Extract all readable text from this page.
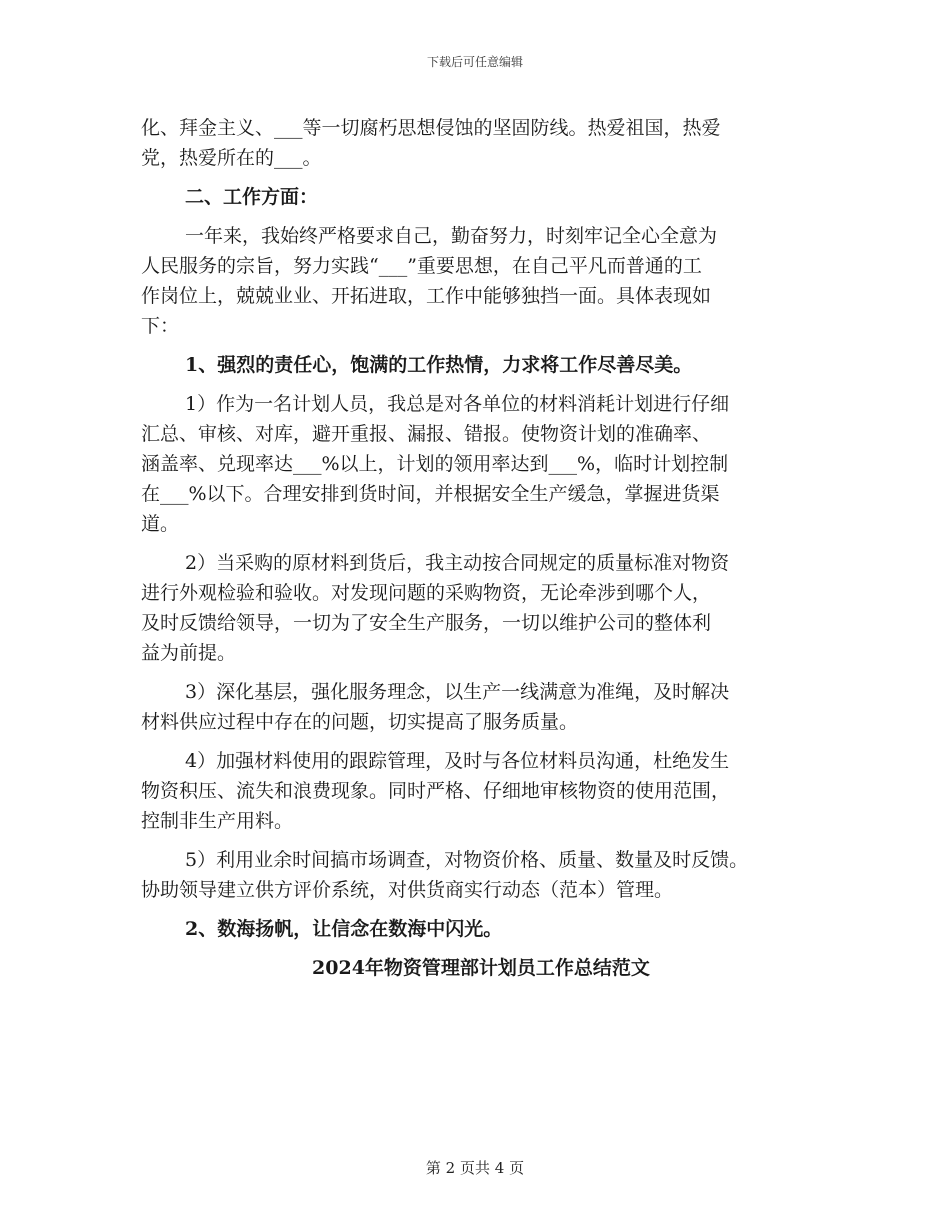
下载后可任意编辑
化、拜金主义、___等一切腐朽思想侵蚀的坚固防线。热爱祖国，热爱
党，热爱所在的___。
二、工作方面：
一年来，我始终严格要求自己，勤奋努力，时刻牢记全心全意为
人民服务的宗旨，努力实践“___”重要思想，在自己平凡而普通的工
作岗位上，兢兢业业、开拓进取，工作中能够独挡一面。具体表现如
下：
1、强烈的责任心，饱满的工作热情，力求将工作尽善尽美。
1）作为一名计划人员，我总是对各单位的材料消耗计划进行仔细
汇总、审核、对库，避开重报、漏报、错报。使物资计划的准确率、
涵盖率、兑现率达___%以上，计划的领用率达到___%，临时计划控制
在___%以下。合理安排到货时间，并根据安全生产缓急，掌握进货渠
道。
2）当采购的原材料到货后，我主动按合同规定的质量标准对物资
进行外观检验和验收。对发现问题的采购物资，无论牵涉到哪个人，
及时反馈给领导，一切为了安全生产服务，一切以维护公司的整体利
益为前提。
3）深化基层，强化服务理念，以生产一线满意为准绳，及时解决
材料供应过程中存在的问题，切实提高了服务质量。
4）加强材料使用的跟踪管理，及时与各位材料员沟通，杜绝发生
物资积压、流失和浪费现象。同时严格、仔细地审核物资的使用范围，
控制非生产用料。
5）利用业余时间搞市场调查，对物资价格、质量、数量及时反馈。
协助领导建立供方评价系统，对供货商实行动态（范本）管理。
2、数海扬帆，让信念在数海中闪光。
2024年物资管理部计划员工作总结范文
第 2 页共 4 页
